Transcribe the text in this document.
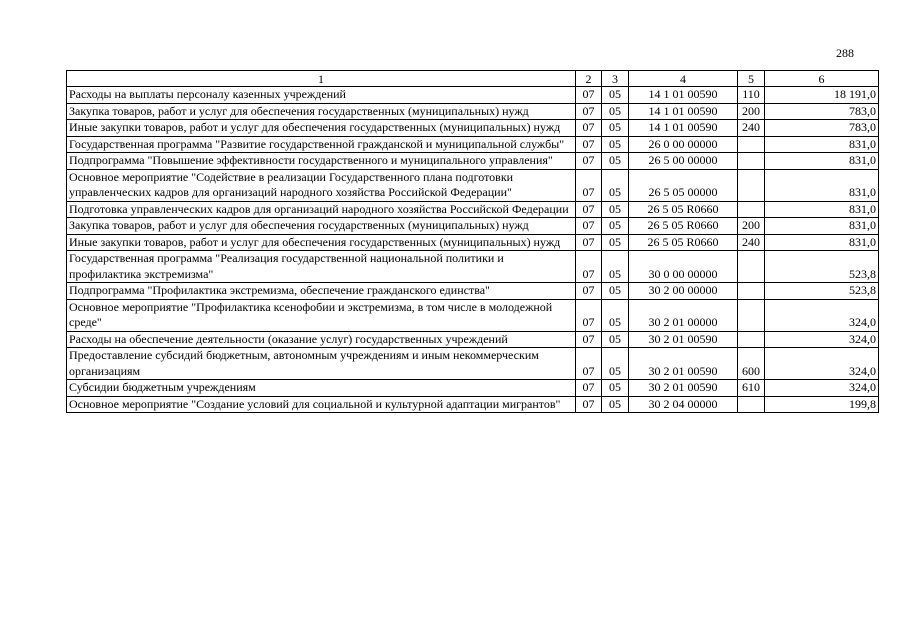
288
1	2	3	4	5	6
Расходы на выплаты персоналу казенных учреждений	07	05	14 1 01 00590	110	18 191,0
Закупка товаров, работ и услуг для обеспечения государственных (муниципальных) нужд	07	05	14 1 01 00590	200	783,0
Иные закупки товаров, работ и услуг для обеспечения государственных (муниципальных) нужд	07	05	14 1 01 00590	240	783,0
Государственная программа "Развитие государственной гражданской и муниципальной службы"	07	05	26 0 00 00000		831,0
Подпрограмма "Повышение эффективности государственного и муниципального управления"	07	05	26 5 00 00000		831,0
Основное мероприятие "Содействие в реализации Государственного плана подготовки управленческих кадров для организаций народного хозяйства Российской Федерации"	07	05	26 5 05 00000		831,0
Подготовка управленческих кадров для организаций народного хозяйства Российской Федерации	07	05	26 5 05 R0660		831,0
Закупка товаров, работ и услуг для обеспечения государственных (муниципальных) нужд	07	05	26 5 05 R0660	200	831,0
Иные закупки товаров, работ и услуг для обеспечения государственных (муниципальных) нужд	07	05	26 5 05 R0660	240	831,0
Государственная программа "Реализация государственной национальной политики и профилактика экстремизма"	07	05	30 0 00 00000		523,8
Подпрограмма "Профилактика экстремизма, обеспечение гражданского единства"	07	05	30 2 00 00000		523,8
Основное мероприятие "Профилактика ксенофобии и экстремизма, в том числе в молодежной среде"	07	05	30 2 01 00000		324,0
Расходы на обеспечение деятельности (оказание услуг) государственных учреждений	07	05	30 2 01 00590		324,0
Предоставление субсидий бюджетным, автономным учреждениям и иным некоммерческим организациям	07	05	30 2 01 00590	600	324,0
Субсидии бюджетным учреждениям	07	05	30 2 01 00590	610	324,0
Основное мероприятие "Создание условий для социальной и культурной адаптации мигрантов"	07	05	30 2 04 00000		199,8
